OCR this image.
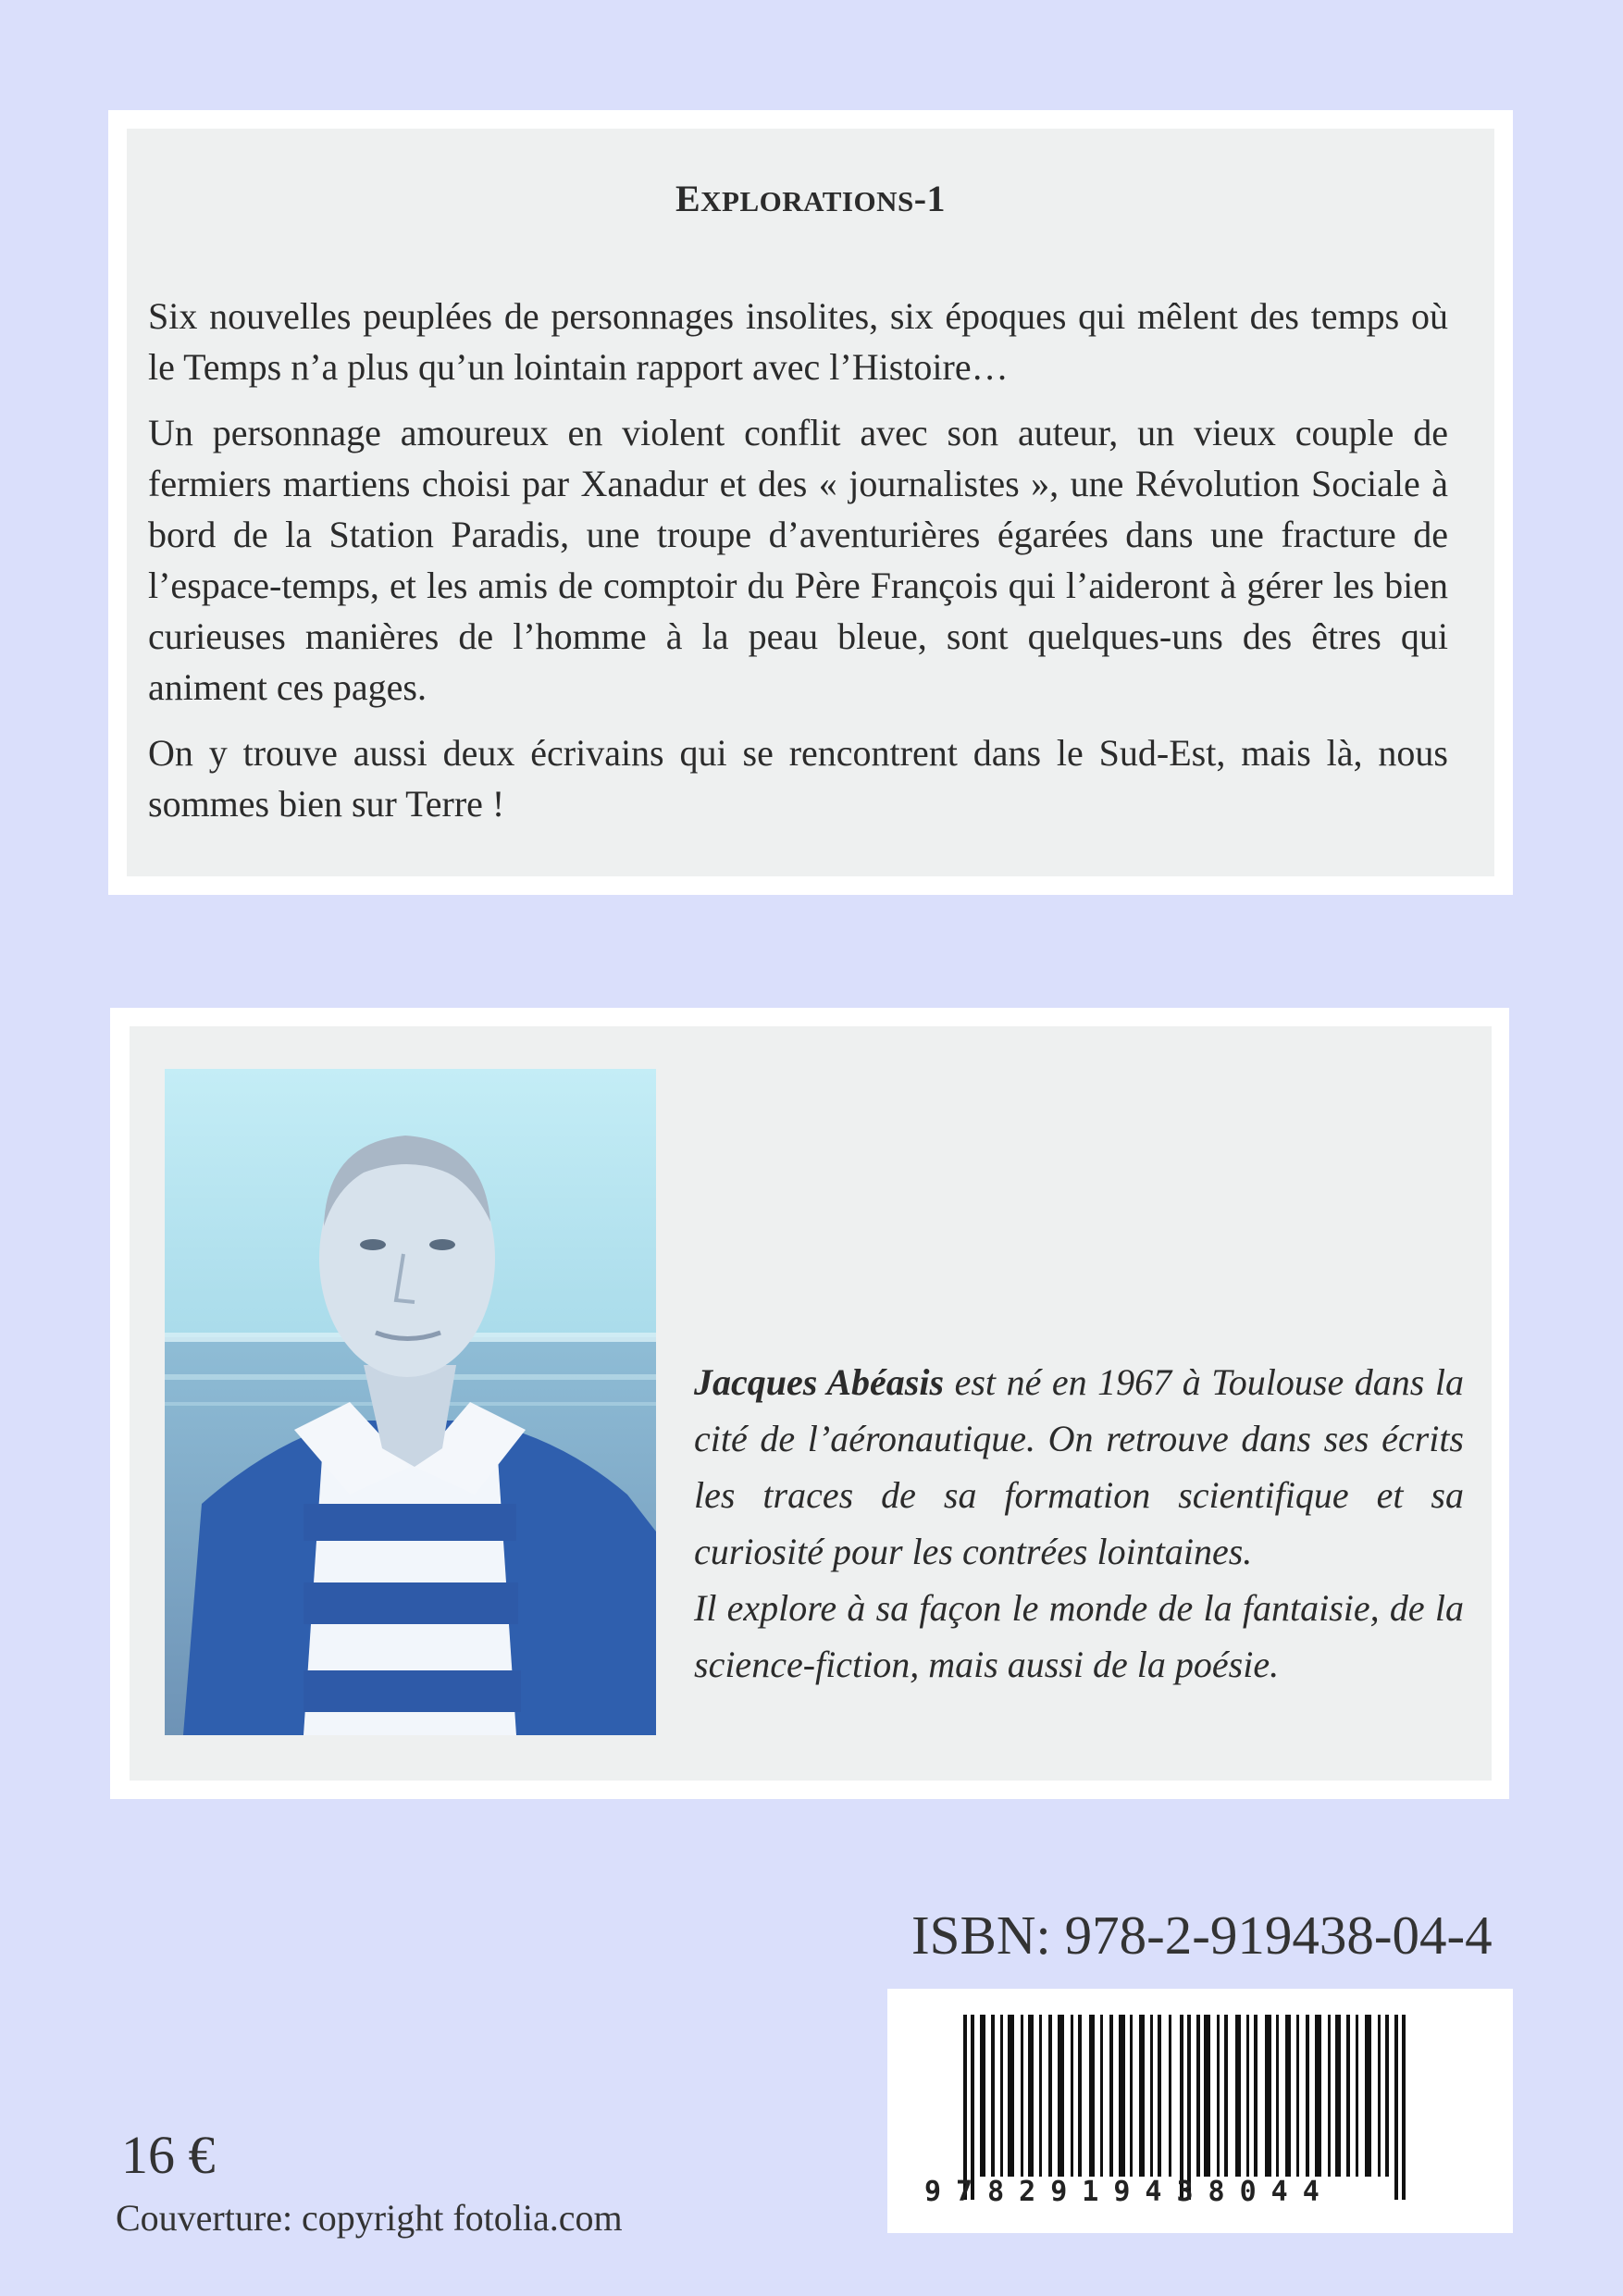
EXPLORATIONS-1

Six nouvelles peuplées de personnages insolites, six époques qui mêlent des temps où le Temps n’a plus qu’un lointain rapport avec l’Histoire…

Un personnage amoureux en violent conflit avec son auteur, un vieux couple de fermiers martiens choisi par Xanadur et des « journalistes », une Révolution Sociale à bord de la Station Paradis, une troupe d’aventurières égarées dans une fracture de l’espace-temps, et les amis de comptoir du Père François qui l’aideront à gérer les bien curieuses manières de l’homme à la peau bleue, sont quelques-uns des êtres qui animent ces pages.

On y trouve aussi deux écrivains qui se rencontrent dans le Sud-Est, mais là, nous sommes bien sur Terre !

Jacques Abéasis est né en 1967 à Toulouse dans la cité de l’aéronautique. On retrouve dans ses écrits les traces de sa formation scientifique et sa curiosité pour les contrées lointaines.

Il explore à sa façon le monde de la fantaisie, de la science-fiction, mais aussi de la poésie.

ISBN: 978-2-919438-04-4
9782919438044
16 €
Couverture: copyright fotolia.com
